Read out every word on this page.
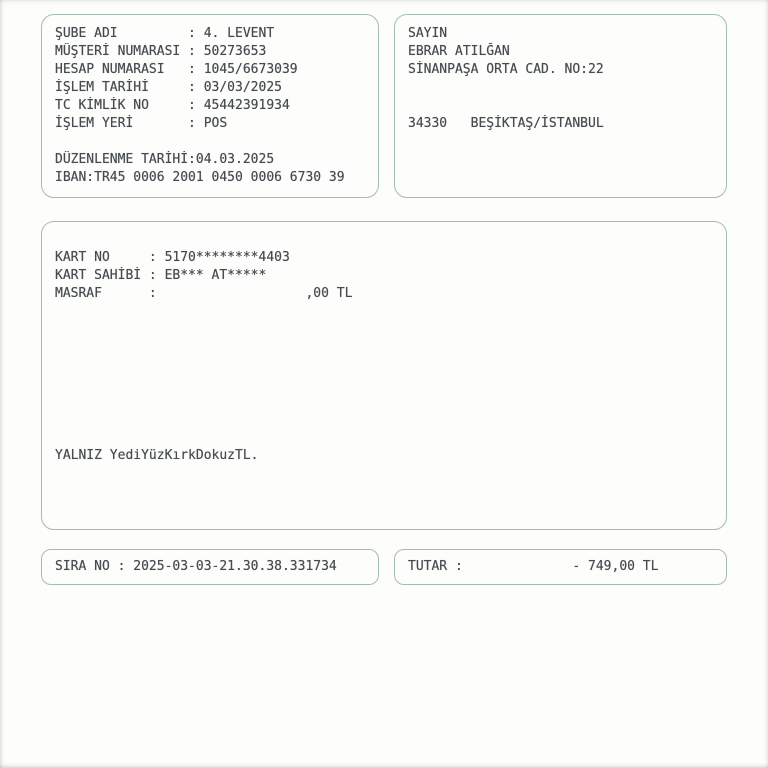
ŞUBE ADI         : 4. LEVENT
MÜŞTERİ NUMARASI : 50273653
HESAP NUMARASI   : 1045/6673039
İŞLEM TARİHİ     : 03/03/2025
TC KİMLİK NO     : 45442391934
İŞLEM YERİ       : POS
DÜZENLENME TARİHİ:04.03.2025
IBAN:TR45 0006 2001 0450 0006 6730 39
SAYIN
EBRAR ATILĞAN
SİNANPAŞA ORTA CAD. NO:22
34330   BEŞİKTAŞ/İSTANBUL
KART NO     : 5170********4403
KART SAHİBİ : EB*** AT*****
MASRAF      :                   ,00 TL
YALNIZ YediYüzKırkDokuzTL.
SIRA NO : 2025-03-03-21.30.38.331734	TUTAR :              - 749,00 TL
